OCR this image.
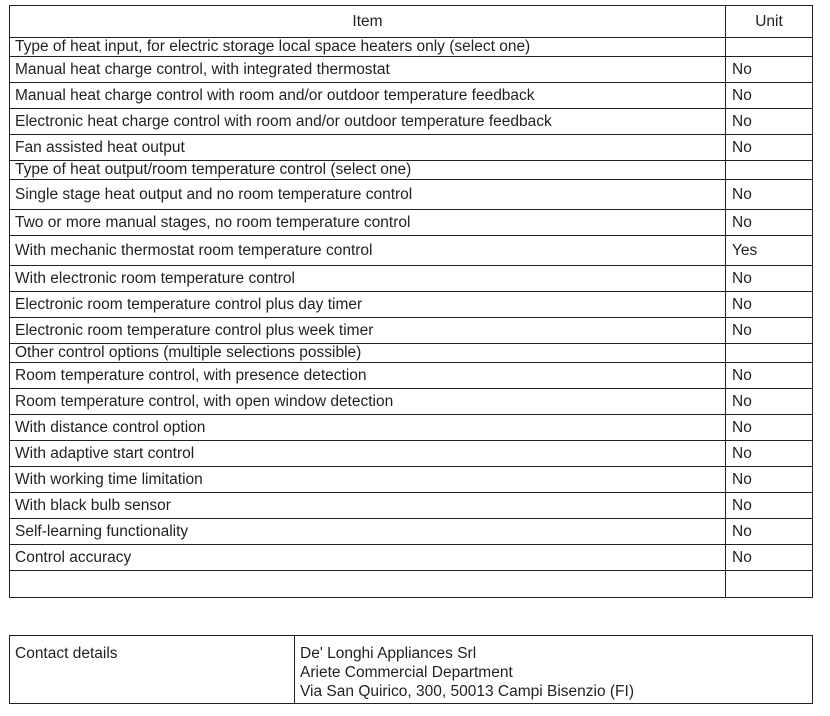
Item	Unit
Type of heat input, for electric storage local space heaters only (select one)	
Manual heat charge control, with integrated thermostat	No
Manual heat charge control with room and/or outdoor temperature feedback	No
Electronic heat charge control with room and/or outdoor temperature feedback	No
Fan assisted heat output	No
Type of heat output/room temperature control (select one)	
Single stage heat output and no room temperature control	No
Two or more manual stages, no room temperature control	No
With mechanic thermostat room temperature control	Yes
With electronic room temperature control	No
Electronic room temperature control plus day timer	No
Electronic room temperature control plus week timer	No
Other control options (multiple selections possible)	
Room temperature control, with presence detection	No
Room temperature control, with open window detection	No
With distance control option	No
With adaptive start control	No
With working time limitation	No
With black bulb sensor	No
Self-learning functionality	No
Control accuracy	No

Contact details	De' Longhi Appliances Srl
Ariete Commercial Department
Via San Quirico, 300, 50013 Campi Bisenzio (FI)
